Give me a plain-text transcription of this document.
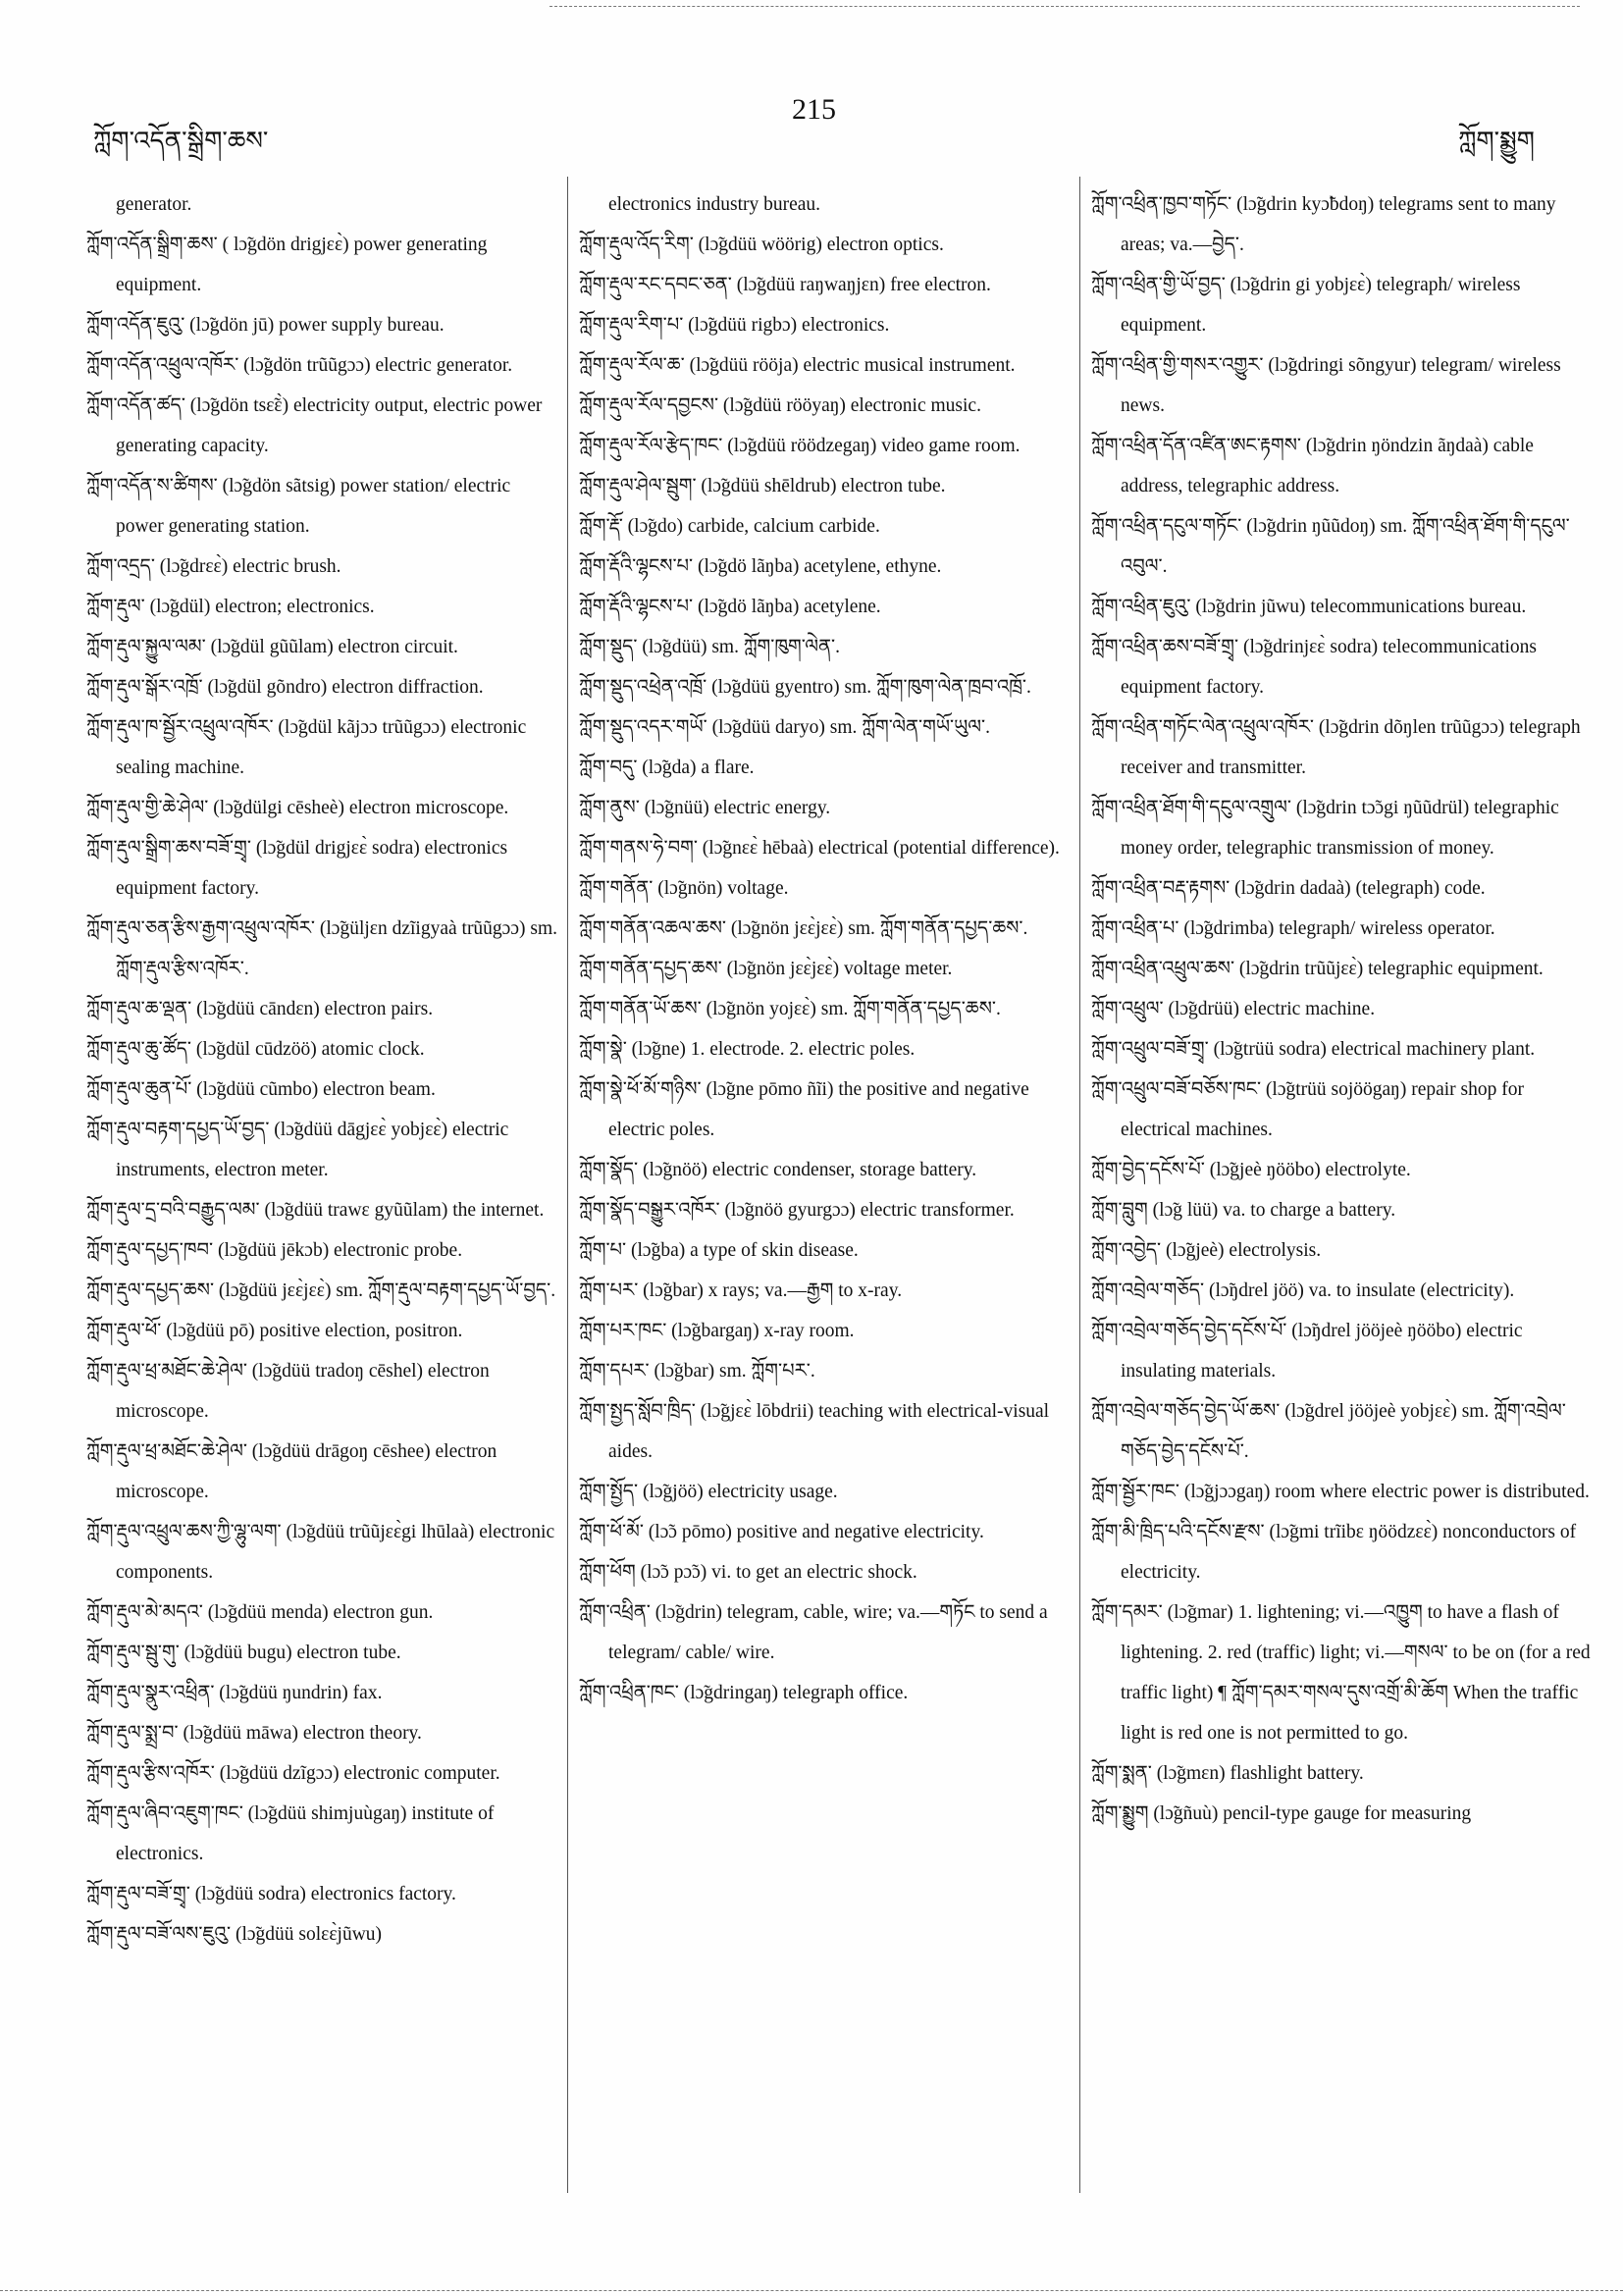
ཀློག་འདོན་སྒྲིག་ཆས་
215
ཀློག་སྨྱུག

generator.

ཀློག་འདོན་སྒྲིག་ཆས་ ( lɔ̃gdön drigjɛɛ̀) power generating equipment.

ཀློག་འདོན་ཇུའུ་ (lɔ̃gdön jū) power supply bureau.

ཀློག་འདོན་འཕྲུལ་འཁོར་ (lɔ̃gdön trũũgɔɔ) electric generator.

ཀློག་འདོན་ཚད་ (lɔ̃gdön tsɛ̃ɛ̀) electricity output, electric power generating capacity.

ཀློག་འདོན་ས་ཚིགས་ (lɔ̃gdön sãtsig) power station/ electric power generating station.

ཀློག་འདྲད་ (lɔ̃gdrɛɛ̀) electric brush.

ཀློག་རྡུལ་ (lɔ̃gdül) electron; electronics.

ཀློག་རྡུལ་སྐྱུལ་ལམ་ (lɔ̃gdül gũũlam) electron circuit.

ཀློག་རྡུལ་སྒོར་འཁྲོ་ (lɔ̃gdül gõndro) electron diffraction.

ཀློག་རྡུལ་ཁ་སྦྱོར་འཕྲུལ་འཁོར་ (lɔ̃gdül kãjɔɔ trũũgɔɔ) electronic sealing machine.

ཀློག་རྡུལ་གྱི་ཆེ་ཤེལ་ (lɔ̃gdülgi cēsheè) electron microscope.

ཀློག་རྡུལ་སྒྲིག་ཆས་བཟོ་གྲྭ་ (lɔ̃gdül drigjɛɛ̀ sodra) electronics equipment factory.

ཀློག་རྡུལ་ཅན་རྩིས་རྒྱག་འཕྲུལ་འཁོར་ (lɔ̃güljɛn dzĩigyaà trũũgɔɔ) sm. ཀློག་རྡུལ་རྩིས་འཁོར་.

ཀློག་རྡུལ་ཆ་ལྡན་ (lɔ̃gdüü cāndɛn) electron pairs.

ཀློག་རྡུལ་ཆུ་ཚོད་ (lɔ̃gdül cūdzöö) atomic clock.

ཀློག་རྡུལ་ཆུན་པོ་ (lɔ̃gdüü cũmbo) electron beam.

ཀློག་རྡུལ་བརྟག་དཔྱད་ཡོ་བྱད་ (lɔ̃gdüü dāgjɛɛ̀ yobjɛɛ̀) electric instruments, electron meter.

ཀློག་རྡུལ་དྲ་བའི་བརྒྱུད་ལམ་ (lɔ̃gdüü trawɛ gyũũlam) the internet.

ཀློག་རྡུལ་དཔྱད་ཁབ་ (lɔ̃gdüü jēkɔb) electronic probe.

ཀློག་རྡུལ་དཔྱད་ཆས་ (lɔ̃gdüü jɛɛ̀jɛɛ̀) sm. ཀློག་རྡུལ་བརྟག་དཔྱད་ཡོ་བྱད་.

ཀློག་རྡུལ་ཕོ་ (lɔ̃gdüü pō) positive election, positron.

ཀློག་རྡུལ་ཕྲ་མཐོང་ཆེ་ཤེལ་ (lɔ̃gdüü tradoŋ cēshel) electron microscope.

ཀློག་རྡུལ་ཕྲ་མཐོང་ཆེ་ཤེལ་ (lɔ̃gdüü drāgoŋ cēshee) electron microscope.

ཀློག་རྡུལ་འཕྲུལ་ཆས་ཀྱི་ལྷུ་ལག་ (lɔ̃gdüü trũũjɛɛ̀gi lhūlaà) electronic components.

ཀློག་རྡུལ་མེ་མདའ་ (lɔ̃gdüü menda) electron gun.

ཀློག་རྡུལ་སྦུ་གུ་ (lɔ̃gdüü bugu) electron tube.

ཀློག་རྡུལ་སྣུར་འཕྲིན་ (lɔ̃gdüü ŋundrin) fax.

ཀློག་རྡུལ་སྨྲ་བ་ (lɔ̃gdüü māwa) electron theory.

ཀློག་རྡུལ་རྩིས་འཁོར་ (lɔ̃gdüü dzĩgɔɔ) electronic computer.

ཀློག་རྡུལ་ཞིབ་འཇུག་ཁང་ (lɔ̃gdüü shimjuùgaŋ) institute of electronics.

ཀློག་རྡུལ་བཟོ་གྲྭ་ (lɔ̃gdüü sodra) electronics factory.

ཀློག་རྡུལ་བཟོ་ལས་ཇུའུ་ (lɔ̃gdüü solɛɛ̀jũwu)

electronics industry bureau.

ཀློག་རྡུལ་འོད་རིག་ (lɔ̃gdüü wöörig) electron optics.

ཀློག་རྡུལ་རང་དབང་ཅན་ (lɔ̃gdüü raŋwaŋjɛn) free electron.

ཀློག་རྡུལ་རིག་པ་ (lɔ̃gdüü rigbɔ) electronics.

ཀློག་རྡུལ་རོལ་ཆ་ (lɔ̃gdüü rööja) electric musical instrument.

ཀློག་རྡུལ་རོལ་དབྱངས་ (lɔ̃gdüü rööyaŋ) electronic music.

ཀློག་རྡུལ་རོལ་རྩེད་ཁང་ (lɔ̃gdüü röödzegaŋ) video game room.

ཀློག་རྡུལ་ཤེལ་སྦུག་ (lɔ̃gdüü shēldrub) electron tube.

ཀློག་རྡོ་ (lɔ̃gdo) carbide, calcium carbide.

ཀློག་རྡོའི་ལྷངས་པ་ (lɔ̃gdö lãŋba) acetylene, ethyne.

ཀློག་རྡོའི་ལྷངས་པ་ (lɔ̃gdö lãŋba) acetylene.

ཀློག་སྡུད་ (lɔ̃gdüü) sm. ཀློག་ཁུག་ལེན་.

ཀློག་སྡུད་འཕྲེན་འཁྲོ་ (lɔ̃gdüü gyentro) sm. ཀློག་ཁུག་ལེན་ཁྲབ་འཁྲོ་.

ཀློག་སྡུད་འདར་གཡོ་ (lɔ̃gdüü daryo) sm. ཀློག་ལེན་གཡོ་ཡུལ་.

ཀློག་བདུ་ (lɔ̃gda) a flare.

ཀློག་ནུས་ (lɔ̃gnüü) electric energy.

ཀློག་གནས་ཧེ་བག་ (lɔ̃gnɛɛ̀ hēbaà) electrical (potential difference).

ཀློག་གནོན་ (lɔ̃gnön) voltage.

ཀློག་གནོན་འཆལ་ཆས་ (lɔ̃gnön jɛɛ̀jɛɛ̀) sm. ཀློག་གནོན་དཔྱད་ཆས་.

ཀློག་གནོན་དཔྱད་ཆས་ (lɔ̃gnön jɛɛ̀jɛɛ̀) voltage meter.

ཀློག་གནོན་ཡོ་ཆས་ (lɔ̃gnön yojɛɛ̀) sm. ཀློག་གནོན་དཔྱད་ཆས་.

ཀློག་སྣེ་ (lɔ̃gne) 1. electrode. 2. electric poles.

ཀློག་སྣེ་ཕོ་མོ་གཉིས་ (lɔ̃gne pōmo ñĩi) the positive and negative electric poles.

ཀློག་སྣོད་ (lɔ̃gnöö) electric condenser, storage battery.

ཀློག་སྣོད་བསྒྱུར་འཁོར་ (lɔ̃gnöö gyurgɔɔ) electric transformer.

ཀློག་པ་ (lɔ̃gba) a type of skin disease.

ཀློག་པར་ (lɔ̃gbar) x rays; va.—རྒྱག to x-ray.

ཀློག་པར་ཁང་ (lɔ̃gbargaŋ) x-ray room.

ཀློག་དཔར་ (lɔ̃gbar) sm. ཀློག་པར་.

ཀློག་སྤྱད་སློབ་ཁྲིད་ (lɔ̃gjɛɛ̀ lōbdrii) teaching with electrical-visual aides.

ཀློག་སྤྱོད་ (lɔ̃gjöö) electricity usage.

ཀློག་ཕོ་མོ་ (lɔ̃ɔ pōmo) positive and negative electricity.

ཀློག་ཕོག (lɔ̃ɔ pɔ̃ɔ) vi. to get an electric shock.

ཀློག་འཕྲིན་ (lɔ̃gdrin) telegram, cable, wire; va.—གཏོང to send a telegram/ cable/ wire.

ཀློག་འཕྲིན་ཁང་ (lɔ̃gdringaŋ) telegraph office.

ཀློག་འཕྲིན་ཁྱབ་གཏོང་ (lɔ̃gdrin kyɔ̃bdoŋ) telegrams sent to many areas; va.—བྱེད་.

ཀློག་འཕྲིན་གྱི་ཡོ་བྱད་ (lɔ̃gdrin gi yobjɛɛ̀) telegraph/ wireless equipment.

ཀློག་འཕྲིན་གྱི་གསར་འགྱུར་ (lɔ̃gdringi sõngyur) telegram/ wireless news.

ཀློག་འཕྲིན་དོན་འཛིན་ཨང་རྟགས་ (lɔ̃gdrin ŋöndzin ãŋdaà) cable address, telegraphic address.

ཀློག་འཕྲིན་དངུལ་གཏོང་ (lɔ̃gdrin ŋũũdoŋ) sm. ཀློག་འཕྲིན་ཐོག་གི་དངུལ་འབུལ་.

ཀློག་འཕྲིན་ཇུའུ་ (lɔ̃gdrin jũwu) telecommunications bureau.

ཀློག་འཕྲིན་ཆས་བཟོ་གྲྭ་ (lɔ̃gdrinjɛɛ̀ sodra) telecommunications equipment factory.

ཀློག་འཕྲིན་གཏོང་ལེན་འཕྲུལ་འཁོར་ (lɔ̃gdrin dõŋlen trũũgɔɔ) telegraph receiver and transmitter.

ཀློག་འཕྲིན་ཐོག་གི་དངུལ་འགྲུལ་ (lɔ̃gdrin tɔ̃ɔgi ŋũũdrül) telegraphic money order, telegraphic transmission of money.

ཀློག་འཕྲིན་བརྡ་རྟགས་ (lɔ̃gdrin dadaà) (telegraph) code.

ཀློག་འཕྲིན་པ་ (lɔ̃gdrimba) telegraph/ wireless operator.

ཀློག་འཕྲིན་འཕྲུལ་ཆས་ (lɔ̃gdrin trũũjɛɛ̀) telegraphic equipment.

ཀློག་འཕྲུལ་ (lɔ̃gdrüü) electric machine.

ཀློག་འཕྲུལ་བཟོ་གྲྭ་ (lɔ̃gtrüü sodra) electrical machinery plant.

ཀློག་འཕྲུལ་བཟོ་བཅོས་ཁང་ (lɔ̃gtrüü sojöögaŋ) repair shop for electrical machines.

ཀློག་བྱེད་དངོས་པོ་ (lɔ̃gjeè ŋööbo) electrolyte.

ཀློག་བླུག (lɔ̃g lüü) va. to charge a battery.

ཀློག་འབྱེད་ (lɔ̃gjeè) electrolysis.

ཀློག་འབྲེལ་གཅོད་ (lɔ̃ŋdrel jöö) va. to insulate (electricity).

ཀློག་འབྲེལ་གཅོད་བྱེད་དངོས་པོ་ (lɔ̃ŋdrel jööjeè ŋööbo) electric insulating materials.

ཀློག་འབྲེལ་གཅོད་བྱེད་ཡོ་ཆས་ (lɔ̃gdrel jööjeè yobjɛɛ̀) sm. ཀློག་འབྲེལ་གཅོད་བྱེད་དངོས་པོ་.

ཀློག་སྦྱོར་ཁང་ (lɔ̃gjɔɔgaŋ) room where electric power is distributed.

ཀློག་མི་ཁྲིད་པའི་དངོས་རྫས་ (lɔ̃gmi trĩibɛ ŋöödzɛɛ̀) nonconductors of electricity.

ཀློག་དམར་ (lɔ̃gmar) 1. lightening; vi.—འཁྱུག to have a flash of lightening. 2. red (traffic) light; vi.—གསལ་ to be on (for a red traffic light) ¶ ཀློག་དམར་གསལ་དུས་འགྲོ་མི་ཆོག When the traffic light is red one is not permitted to go.

ཀློག་སྨན་ (lɔ̃gmɛn) flashlight battery.

ཀློག་སྨྱུག (lɔ̃gñuù) pencil-type gauge for measuring
